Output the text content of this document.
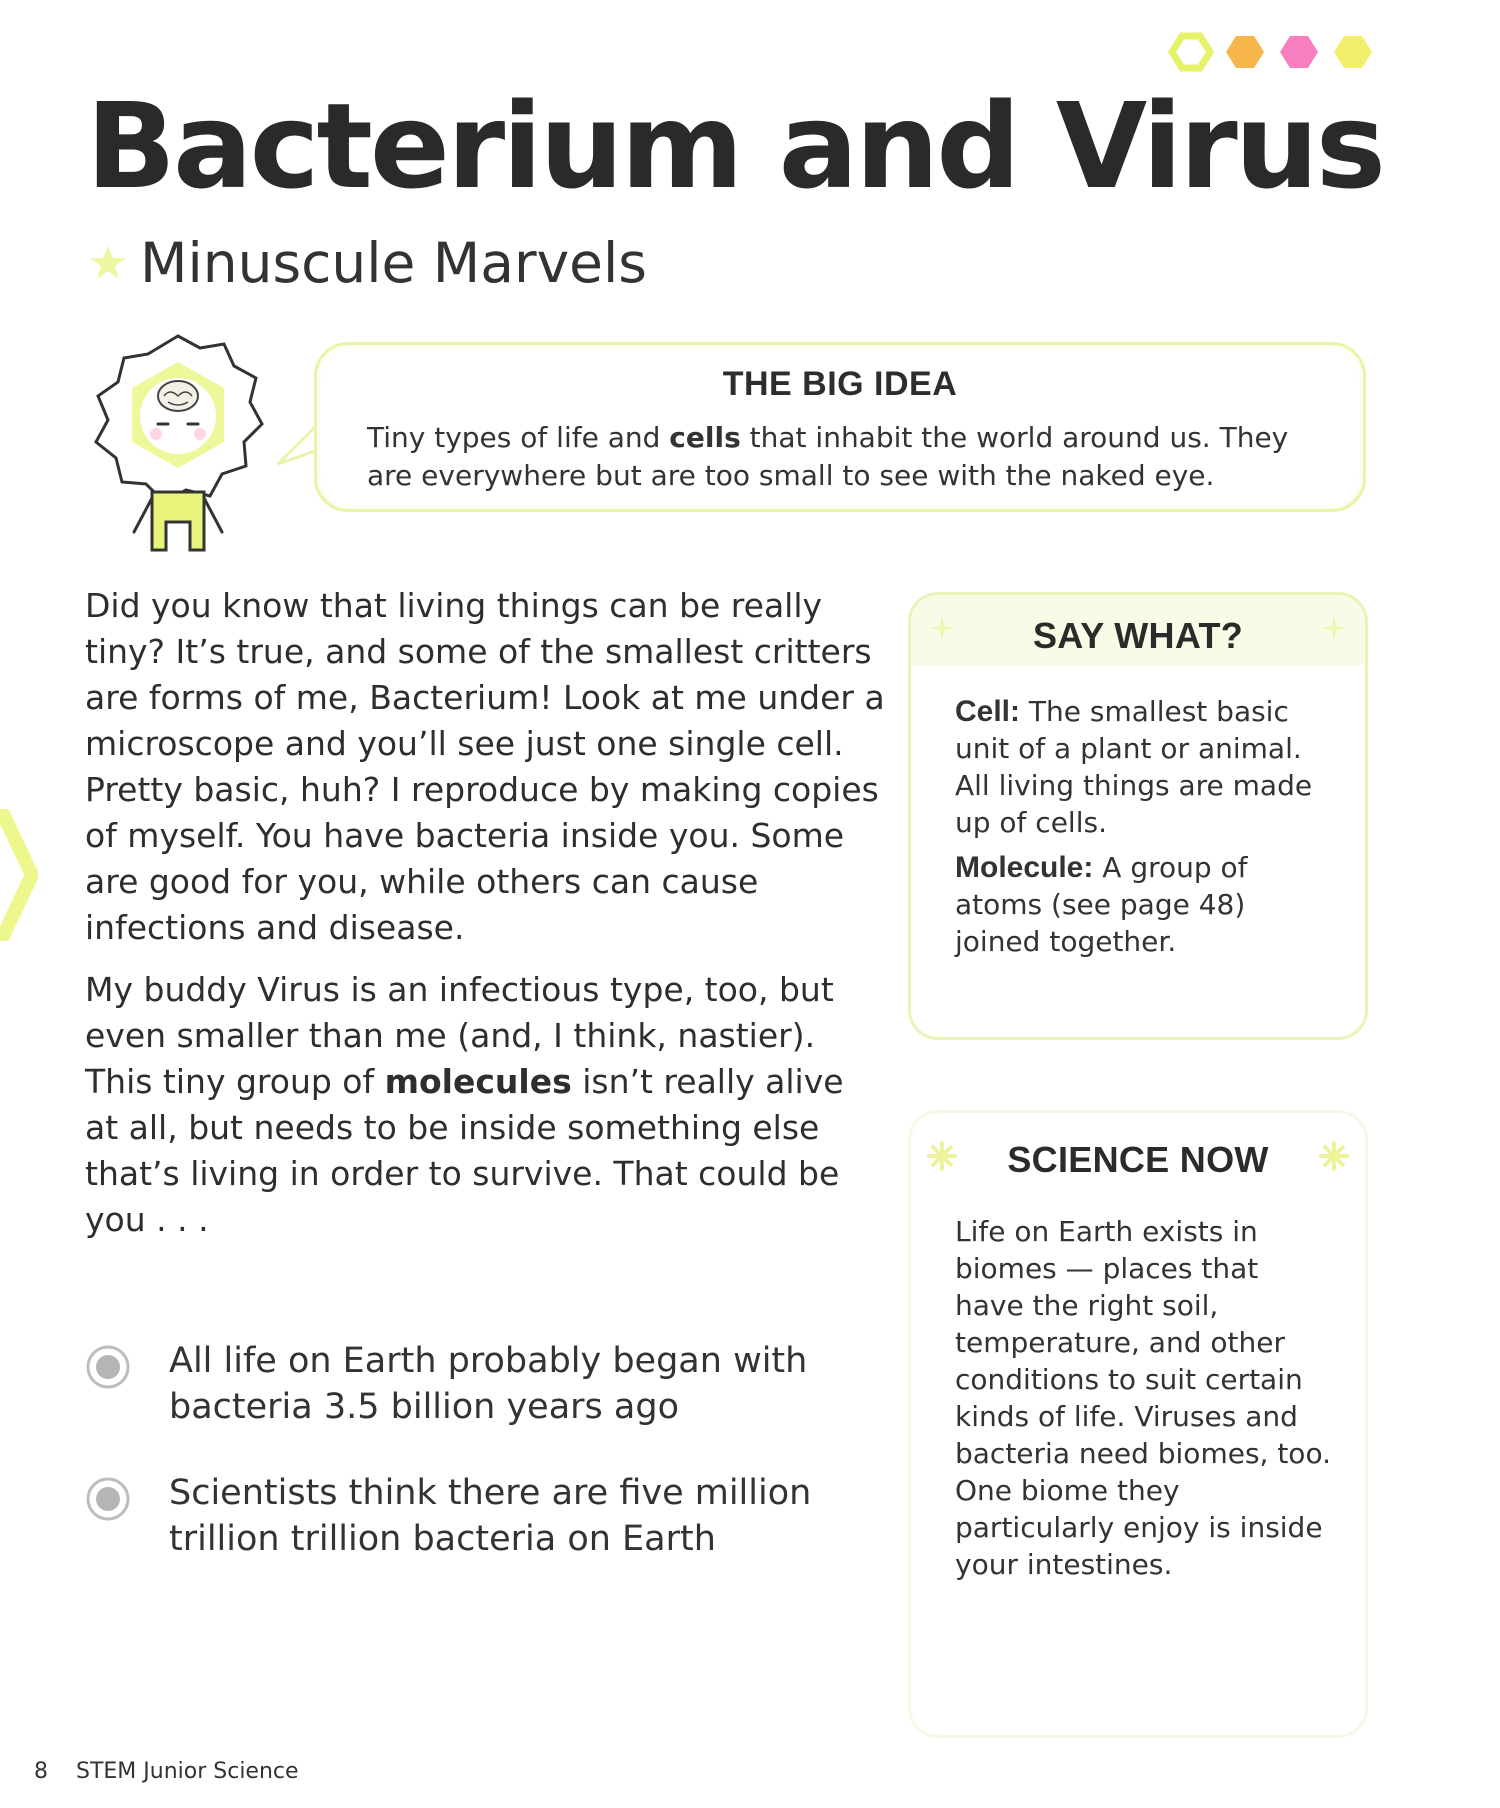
Bacterium and Virus
Minuscule Marvels
THE BIG IDEA
Tiny types of life and cells that inhabit the world around us. They are everywhere but are too small to see with the naked eye.

Did you know that living things can be really tiny? It’s true, and some of the smallest critters are forms of me, Bacterium! Look at me under a microscope and you’ll see just one single cell. Pretty basic, huh? I reproduce by making copies of myself. You have bacteria inside you. Some are good for you, while others can cause infections and disease.

My buddy Virus is an infectious type, too, but even smaller than me (and, I think, nastier). This tiny group of molecules isn’t really alive at all, but needs to be inside something else that’s living in order to survive. That could be you . . .

All life on Earth probably began with bacteria 3.5 billion years ago
Scientists think there are five million trillion trillion bacteria on Earth
SAY WHAT?

Cell: The smallest basic unit of a plant or animal. All living things are made up of cells.

Molecule: A group of atoms (see page 48) joined together.

SCIENCE NOW
Life on Earth exists in biomes — places that have the right soil, temperature, and other conditions to suit certain kinds of life. Viruses and bacteria need biomes, too. One biome they particularly enjoy is inside your intestines.
8 STEM Junior Science
